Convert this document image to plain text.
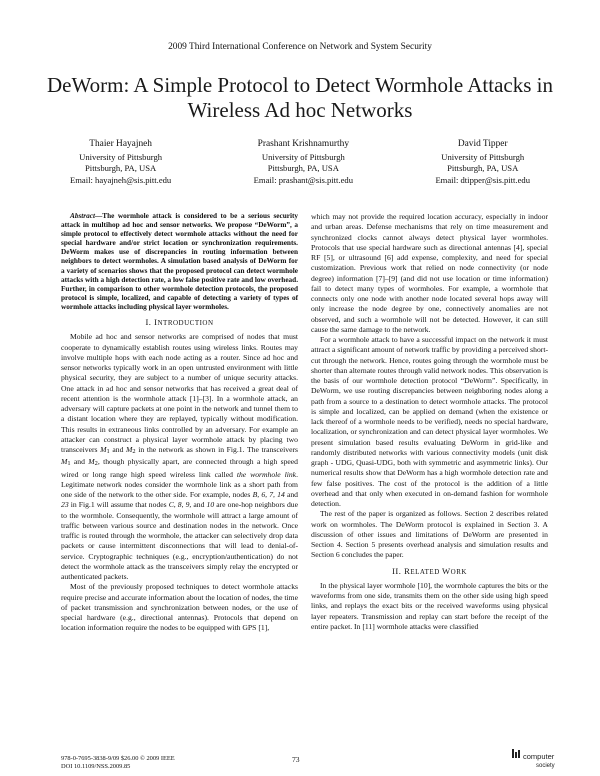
2009 Third International Conference on Network and System Security
DeWorm: A Simple Protocol to Detect Wormhole Attacks in Wireless Ad hoc Networks
Thaier Hayajneh
University of Pittsburgh
Pittsburgh, PA, USA
Email: hayajneh@sis.pitt.edu
Prashant Krishnamurthy
University of Pittsburgh
Pittsburgh, PA, USA
Email: prashant@sis.pitt.edu
David Tipper
University of Pittsburgh
Pittsburgh, PA, USA
Email: dtipper@sis.pitt.edu

Abstract—The wormhole attack is considered to be a serious security attack in multihop ad hoc and sensor networks. We propose “DeWorm”, a simple protocol to effectively detect wormhole attacks without the need for special hardware and/or strict location or synchronization requirements. DeWorm makes use of discrepancies in routing information between neighbors to detect wormholes. A simulation based analysis of DeWorm for a variety of scenarios shows that the proposed protocol can detect wormhole attacks with a high detection rate, a low false positive rate and low overhead. Further, in comparison to other wormhole detection protocols, the proposed protocol is simple, localized, and capable of detecting a variety of types of wormhole attacks including physical layer wormholes.

I. INTRODUCTION

Mobile ad hoc and sensor networks are comprised of nodes that must cooperate to dynamically establish routes using wireless links. Routes may involve multiple hops with each node acting as a router. Since ad hoc and sensor networks typically work in an open untrusted environment with little physical security, they are subject to a number of unique security attacks. One attack in ad hoc and sensor networks that has received a great deal of recent attention is the wormhole attack [1]–[3]. In a wormhole attack, an adversary will capture packets at one point in the network and tunnel them to a distant location where they are replayed, typically without modification. This results in extraneous links controlled by an adversary. For example an attacker can construct a physical layer wormhole attack by placing two transceivers M1 and M2 in the network as shown in Fig.1. The transceivers M1 and M2, though physically apart, are connected through a high speed wired or long range high speed wireless link called the wormhole link. Legitimate network nodes consider the wormhole link as a short path from one side of the network to the other side. For example, nodes B, 6, 7, 14 and 23 in Fig.1 will assume that nodes C, 8, 9, and 10 are one-hop neighbors due to the wormhole. Consequently, the wormhole will attract a large amount of traffic between various source and destination nodes in the network. Once traffic is routed through the wormhole, the attacker can selectively drop data packets or cause intermittent disconnections that will lead to denial-of-service. Cryptographic techniques (e.g., encryption/authentication) do not detect the wormhole attack as the transceivers simply relay the encrypted or authenticated packets.

Most of the previously proposed techniques to detect wormhole attacks require precise and accurate information about the location of nodes, the time of packet transmission and synchronization between nodes, or the use of special hardware (e.g., directional antennas). Protocols that depend on location information require the nodes to be equipped with GPS [1],

which may not provide the required location accuracy, especially in indoor and urban areas. Defense mechanisms that rely on time measurement and synchronized clocks cannot always detect physical layer wormholes. Protocols that use special hardware such as directional antennas [4], special RF [5], or ultrasound [6] add expense, complexity, and need for special customization. Previous work that relied on node connectivity (or node degree) information [7]–[9] (and did not use location or time information) fail to detect many types of wormholes. For example, a wormhole that connects only one node with another node located several hops away will only increase the node degree by one, connectively anomalies are not observed, and such a wormhole will not be detected. However, it can still cause the same damage to the network.

For a wormhole attack to have a successful impact on the network it must attract a significant amount of network traffic by providing a perceived short-cut through the network. Hence, routes going through the wormhole must be shorter than alternate routes through valid network nodes. This observation is the basis of our wormhole detection protocol “DeWorm”. Specifically, in DeWorm, we use routing discrepancies between neighboring nodes along a path from a source to a destination to detect wormhole attacks. The protocol is simple and localized, can be applied on demand (when the existence or lack thereof of a wormhole needs to be verified), needs no special hardware, localization, or synchronization and can detect physical layer wormholes. We present simulation based results evaluating DeWorm in grid-like and randomly distributed networks with various connectivity models (unit disk graph - UDG, Quasi-UDG, both with symmetric and asymmetric links). Our numerical results show that DeWorm has a high wormhole detection rate and few false positives. The cost of the protocol is the addition of a little overhead and that only when executed in on-demand fashion for wormhole detection.

The rest of the paper is organized as follows. Section 2 describes related work on wormholes. The DeWorm protocol is explained in Section 3. A discussion of other issues and limitations of DeWorm are presented in Section 4. Section 5 presents overhead analysis and simulation results and Section 6 concludes the paper.

II. RELATED WORK

In the physical layer wormhole [10], the wormhole captures the bits or the waveforms from one side, transmits them on the other side using high speed links, and replays the exact bits or the received waveforms using physical layer repeaters. Transmission and replay can start before the receipt of the entire packet. In [11] wormhole attacks were classified

978-0-7695-3838-9/09 $26.00 © 2009 IEEE
DOI 10.1109/NSS.2009.85
73	computer
society
